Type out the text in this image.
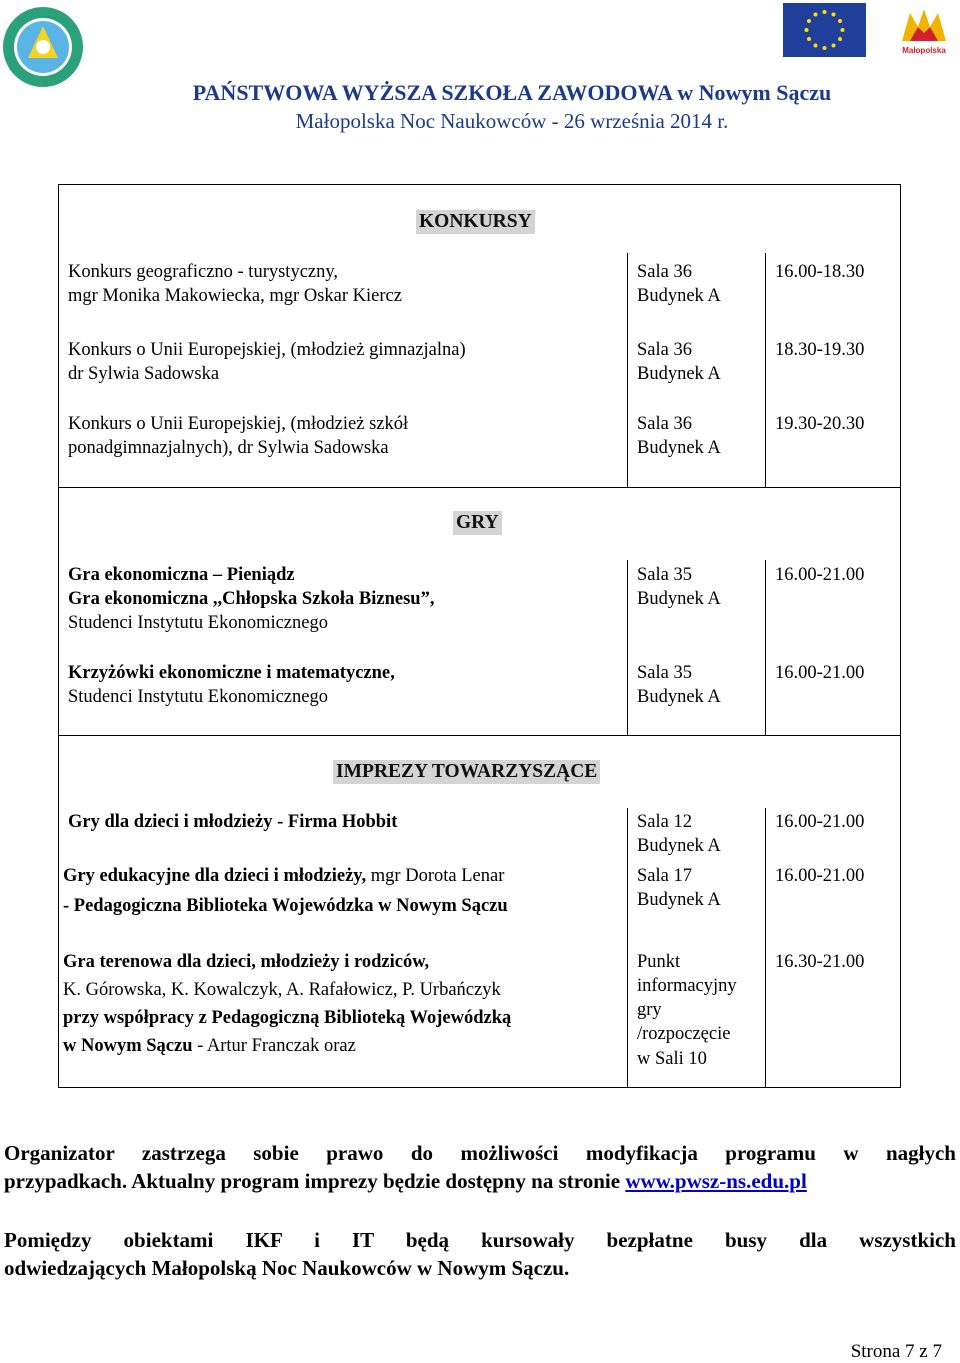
Małopolska
PAŃSTWOWA WYŻSZA SZKOŁA ZAWODOWA w Nowym Sączu
Małopolska Noc Naukowców - 26 września 2014 r.
KONKURSY
Konkurs geograficzno - turystyczny,
mgr Monika Makowiecka, mgr Oskar Kiercz
Sala 36
Budynek A
16.00-18.30
Konkurs o Unii Europejskiej, (młodzież gimnazjalna)
dr Sylwia Sadowska
Sala 36
Budynek A
18.30-19.30
Konkurs o Unii Europejskiej, (młodzież szkół
ponadgimnazjalnych), dr Sylwia Sadowska
Sala 36
Budynek A
19.30-20.30
GRY
Gra ekonomiczna – Pieniądz
Gra ekonomiczna ,,Chłopska Szkoła Biznesu”,
Studenci Instytutu Ekonomicznego
Sala 35
Budynek A
16.00-21.00
Krzyżówki ekonomiczne i matematyczne,
Studenci Instytutu Ekonomicznego
Sala 35
Budynek A
16.00-21.00
IMPREZY TOWARZYSZĄCE
Gry dla dzieci i młodzieży - Firma Hobbit	Sala 12
Budynek A
16.00-21.00
Gry edukacyjne dla dzieci i młodzieży, mgr Dorota Lenar
- Pedagogiczna Biblioteka Wojewódzka w Nowym Sączu
Sala 17
Budynek A
16.00-21.00
Gra terenowa dla dzieci, młodzieży i rodziców,
K. Górowska, K. Kowalczyk, A. Rafałowicz, P. Urbańczyk
przy współpracy z Pedagogiczną Biblioteką Wojewódzką
w Nowym Sączu - Artur Franczak oraz
Punkt
informacyjny
gry
/rozpoczęcie
w Sali 10
16.30-21.00
Organizator zastrzega sobie prawo do możliwości modyfikacja programu w nagłych
przypadkach. Aktualny program imprezy będzie dostępny na stronie www.pwsz-ns.edu.pl
Pomiędzy obiektami IKF i IT będą kursowały bezpłatne busy dla wszystkich
odwiedzających Małopolską Noc Naukowców w Nowym Sączu.
Strona 7 z 7
